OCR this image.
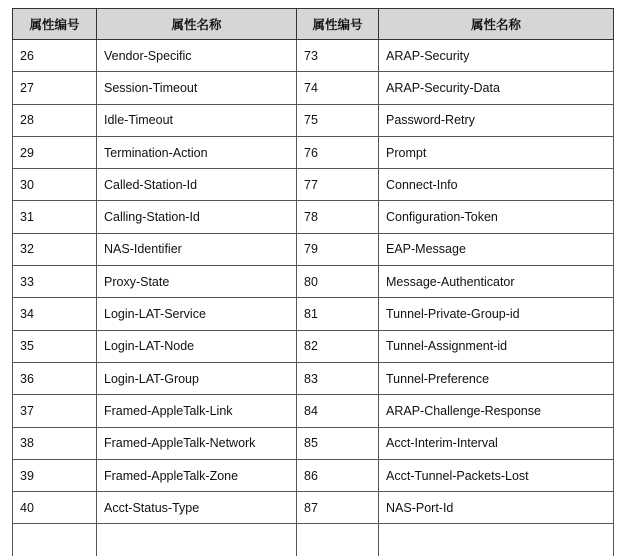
属性编号	属性名称	属性编号	属性名称
26	Vendor-Specific	73	ARAP-Security
27	Session-Timeout	74	ARAP-Security-Data
28	Idle-Timeout	75	Password-Retry
29	Termination-Action	76	Prompt
30	Called-Station-Id	77	Connect-Info
31	Calling-Station-Id	78	Configuration-Token
32	NAS-Identifier	79	EAP-Message
33	Proxy-State	80	Message-Authenticator
34	Login-LAT-Service	81	Tunnel-Private-Group-id
35	Login-LAT-Node	82	Tunnel-Assignment-id
36	Login-LAT-Group	83	Tunnel-Preference
37	Framed-AppleTalk-Link	84	ARAP-Challenge-Response
38	Framed-AppleTalk-Network	85	Acct-Interim-Interval
39	Framed-AppleTalk-Zone	86	Acct-Tunnel-Packets-Lost
40	Acct-Status-Type	87	NAS-Port-Id
